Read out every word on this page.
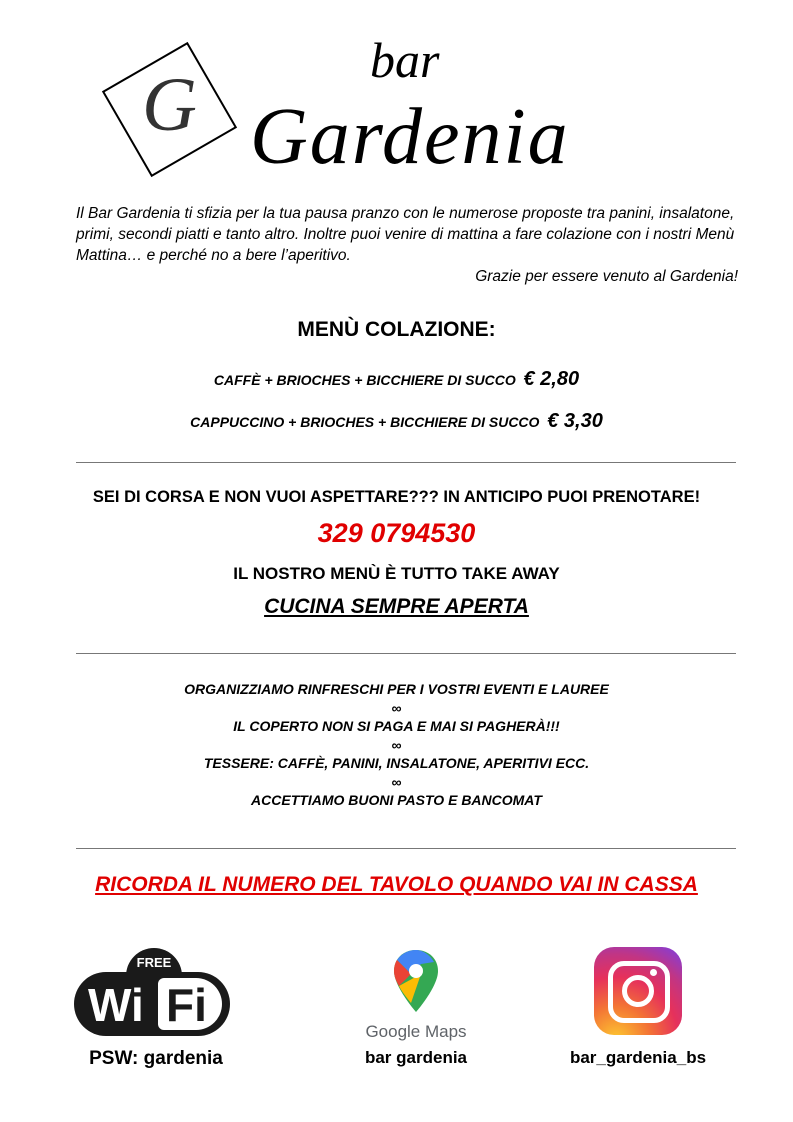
G
bar
Gardenia
Il Bar Gardenia ti sfizia per la tua pausa pranzo con le numerose proposte tra panini, insalatone, primi, secondi piatti e tanto altro. Inoltre puoi venire di mattina a fare colazione con i nostri Menù Mattina… e perché no a bere l’aperitivo.
Grazie per essere venuto al Gardenia!
MENÙ COLAZIONE:
CAFFÈ + BRIOCHES + BICCHIERE DI SUCCO € 2,80
CAPPUCCINO + BRIOCHES + BICCHIERE DI SUCCO € 3,30
SEI DI CORSA E NON VUOI ASPETTARE??? IN ANTICIPO PUOI PRENOTARE!
329 0794530
IL NOSTRO MENÙ È TUTTO TAKE AWAY
CUCINA SEMPRE APERTA
ORGANIZZIAMO RINFRESCHI PER I VOSTRI EVENTI E LAUREE
∞
IL COPERTO NON SI PAGA E MAI SI PAGHERÀ!!!
∞
TESSERE: CAFFÈ, PANINI, INSALATONE, APERITIVI ECC.
∞
ACCETTIAMO BUONI PASTO E BANCOMAT
RICORDA IL NUMERO DEL TAVOLO QUANDO VAI IN CASSA
FREE
Wi Fi
PSW: gardenia
Google Maps
bar gardenia	bar_gardenia_bs
